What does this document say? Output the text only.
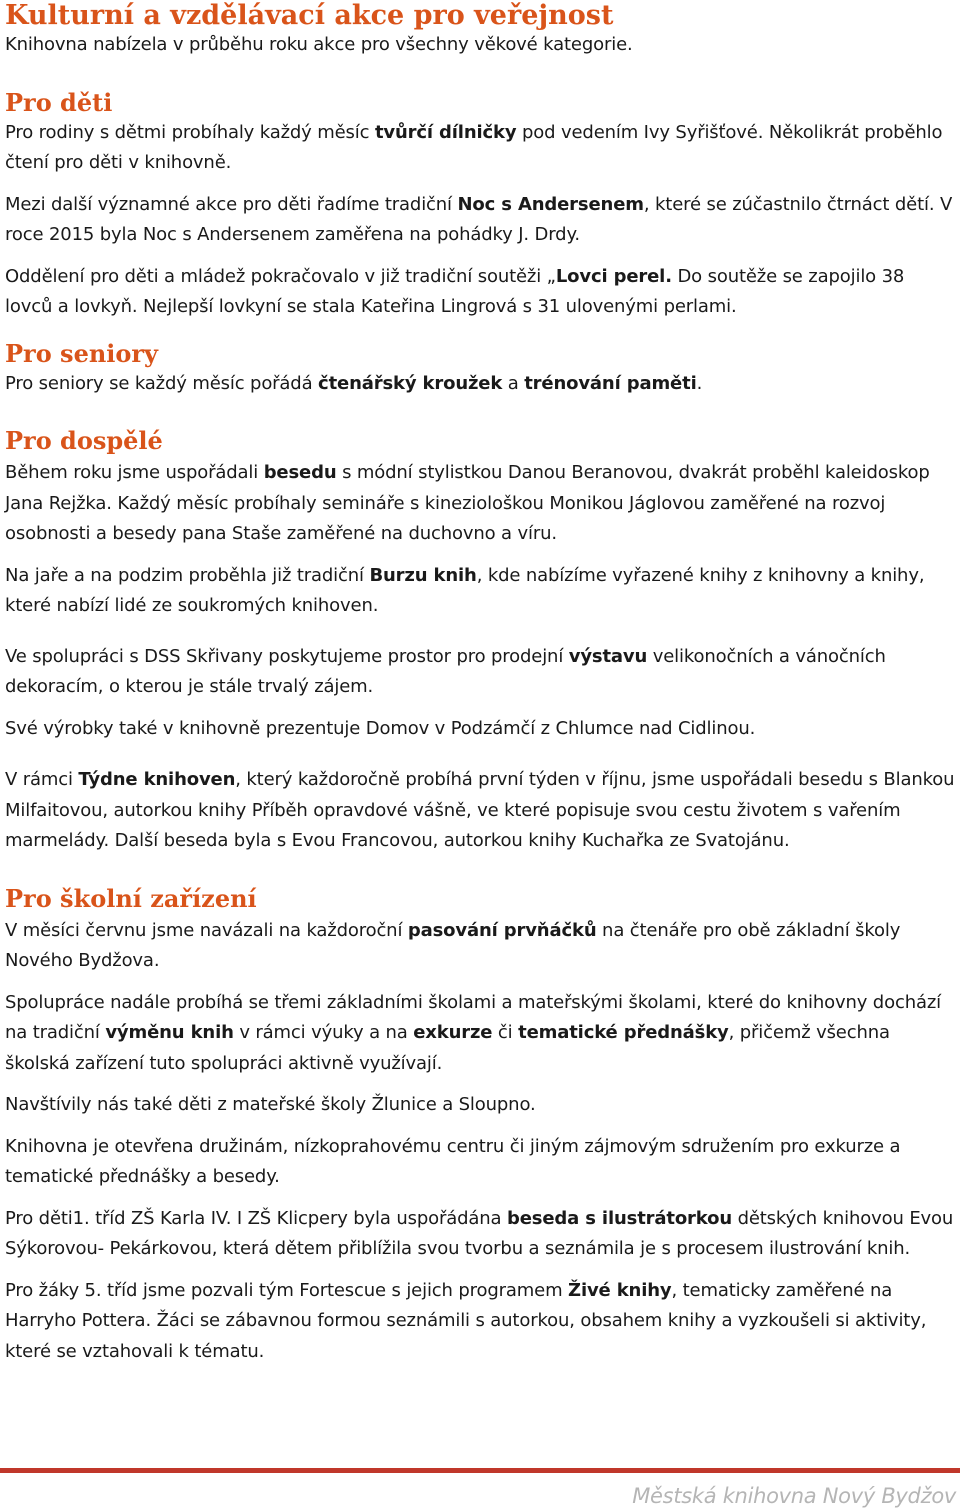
Kulturní a vzdělávací akce pro veřejnost

Knihovna nabízela v průběhu roku akce pro všechny věkové kategorie.

Pro děti

Pro rodiny s dětmi probíhaly každý měsíc tvůrčí dílničky pod vedením Ivy Syřišťové. Několikrát proběhlo čtení pro děti v knihovně.

Mezi další významné akce pro děti řadíme tradiční Noc s Andersenem, které se zúčastnilo čtrnáct dětí. V roce 2015 byla Noc s Andersenem zaměřena na pohádky J. Drdy.

Oddělení pro děti a mládež pokračovalo v již tradiční soutěži „Lovci perel. Do soutěže se zapojilo 38 lovců a lovkyň. Nejlepší lovkyní se stala Kateřina Lingrová s 31 ulovenými perlami.

Pro seniory

Pro seniory se každý měsíc pořádá čtenářský kroužek a trénování paměti.

Pro dospělé

Během roku jsme uspořádali besedu s módní stylistkou Danou Beranovou, dvakrát proběhl kaleidoskop Jana Rejžka. Každý měsíc probíhaly semináře s kineziološkou Monikou Jáglovou zaměřené na rozvoj osobnosti a besedy pana Staše zaměřené na duchovno a víru.

Na jaře a na podzim proběhla již tradiční Burzu knih, kde nabízíme vyřazené knihy z knihovny a knihy, které nabízí lidé ze soukromých knihoven.

Ve spolupráci s DSS Skřivany poskytujeme prostor pro prodejní výstavu velikonočních a vánočních dekoracím, o kterou je stále trvalý zájem.

Své výrobky také v knihovně prezentuje Domov v Podzámčí z Chlumce nad Cidlinou.

V rámci Týdne knihoven, který každoročně probíhá první týden v říjnu, jsme uspořádali besedu s Blankou Milfaitovou, autorkou knihy Příběh opravdové vášně, ve které popisuje svou cestu životem s vařením marmelády. Další beseda byla s Evou Francovou, autorkou knihy Kuchařka ze Svatojánu.

Pro školní zařízení

V měsíci červnu jsme navázali na každoroční pasování prvňáčků na čtenáře pro obě základní školy Nového Bydžova.

Spolupráce nadále probíhá se třemi základními školami a mateřskými školami, které do knihovny dochází na tradiční výměnu knih v rámci výuky a na exkurze či tematické přednášky, přičemž všechna školská zařízení tuto spolupráci aktivně využívají.

Navštívily nás také děti z mateřské školy Žlunice a Sloupno.

Knihovna je otevřena družinám, nízkoprahovému centru či jiným zájmovým sdružením pro exkurze a tematické přednášky a besedy.

Pro děti1. tříd ZŠ Karla IV. I ZŠ Klicpery byla uspořádána beseda s ilustrátorkou dětských knihovou Evou Sýkorovou- Pekárkovou, která dětem přiblížila svou tvorbu a seznámila je s procesem ilustrování knih.

Pro žáky 5. tříd jsme pozvali tým Fortescue s jejich programem Živé knihy, tematicky zaměřené na Harryho Pottera. Žáci se zábavnou formou seznámili s autorkou, obsahem knihy a vyzkoušeli si aktivity, které se vztahovali k tématu.

Městská knihovna Nový Bydžov
